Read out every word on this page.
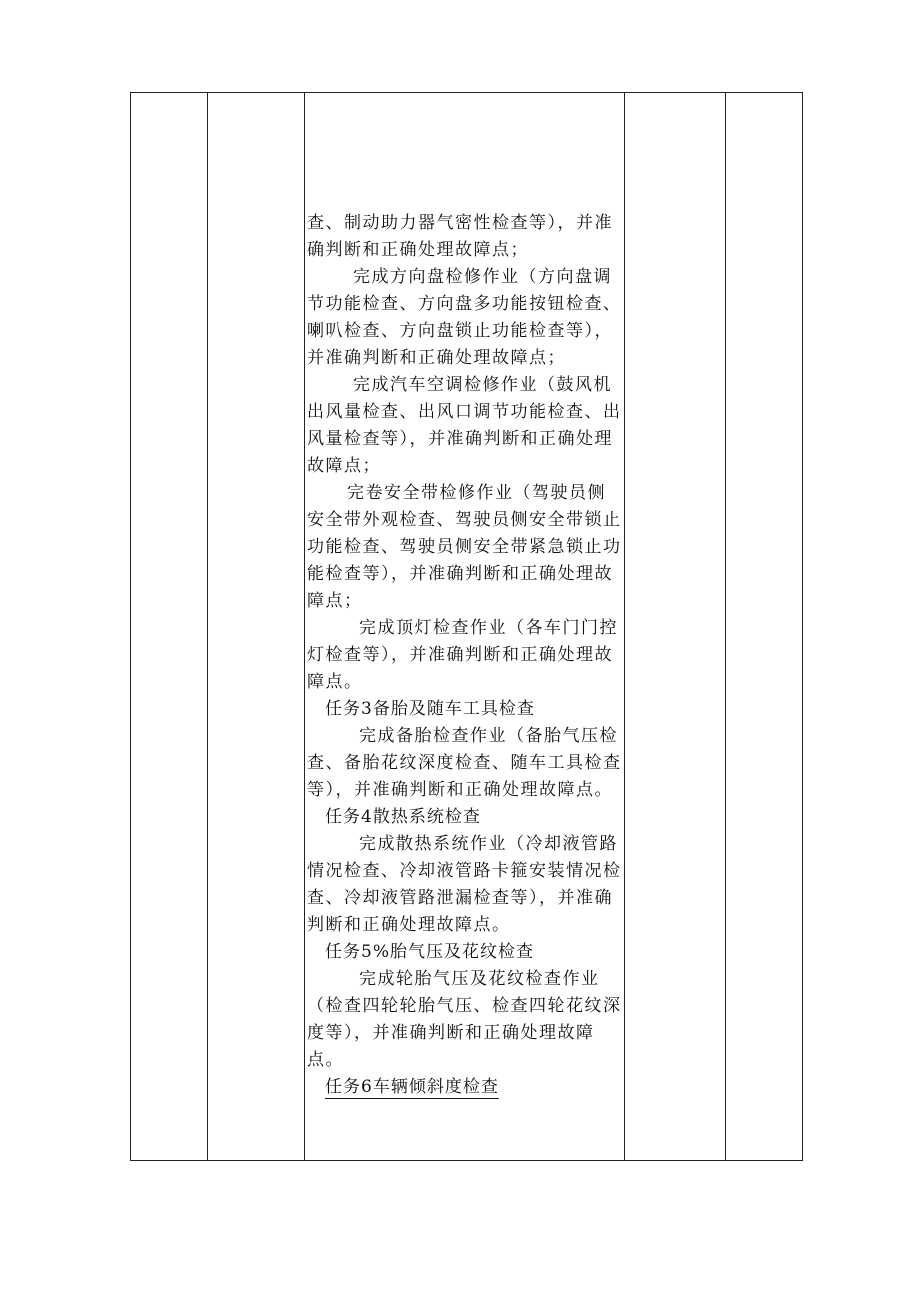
查、制动助力器气密性检查等），并准确判断和正确处理故障点；

完成方向盘检修作业（方向盘调节功能检查、方向盘多功能按钮检查、喇叭检查、方向盘锁止功能检查等），并准确判断和正确处理故障点；

完成汽车空调检修作业（鼓风机出风量检查、出风口调节功能检查、出风量检查等），并准确判断和正确处理故障点；

完卷安全带检修作业（驾驶员侧安全带外观检查、驾驶员侧安全带锁止功能检查、驾驶员侧安全带紧急锁止功能检查等），并准确判断和正确处理故障点；

完成顶灯检查作业（各车门门控灯检查等），并准确判断和正确处理故障点。

任务3备胎及随车工具检查

完成备胎检查作业（备胎气压检查、备胎花纹深度检查、随车工具检查等），并准确判断和正确处理故障点。

任务4散热系统检查

完成散热系统作业（冷却液管路情况检查、冷却液管路卡箍安装情况检查、冷却液管路泄漏检查等），并准确判断和正确处理故障点。

任务5%胎气压及花纹检查

完成轮胎气压及花纹检查作业（检查四轮轮胎气压、检查四轮花纹深度等），并准确判断和正确处理故障点。

任务6车辆倾斜度检查
